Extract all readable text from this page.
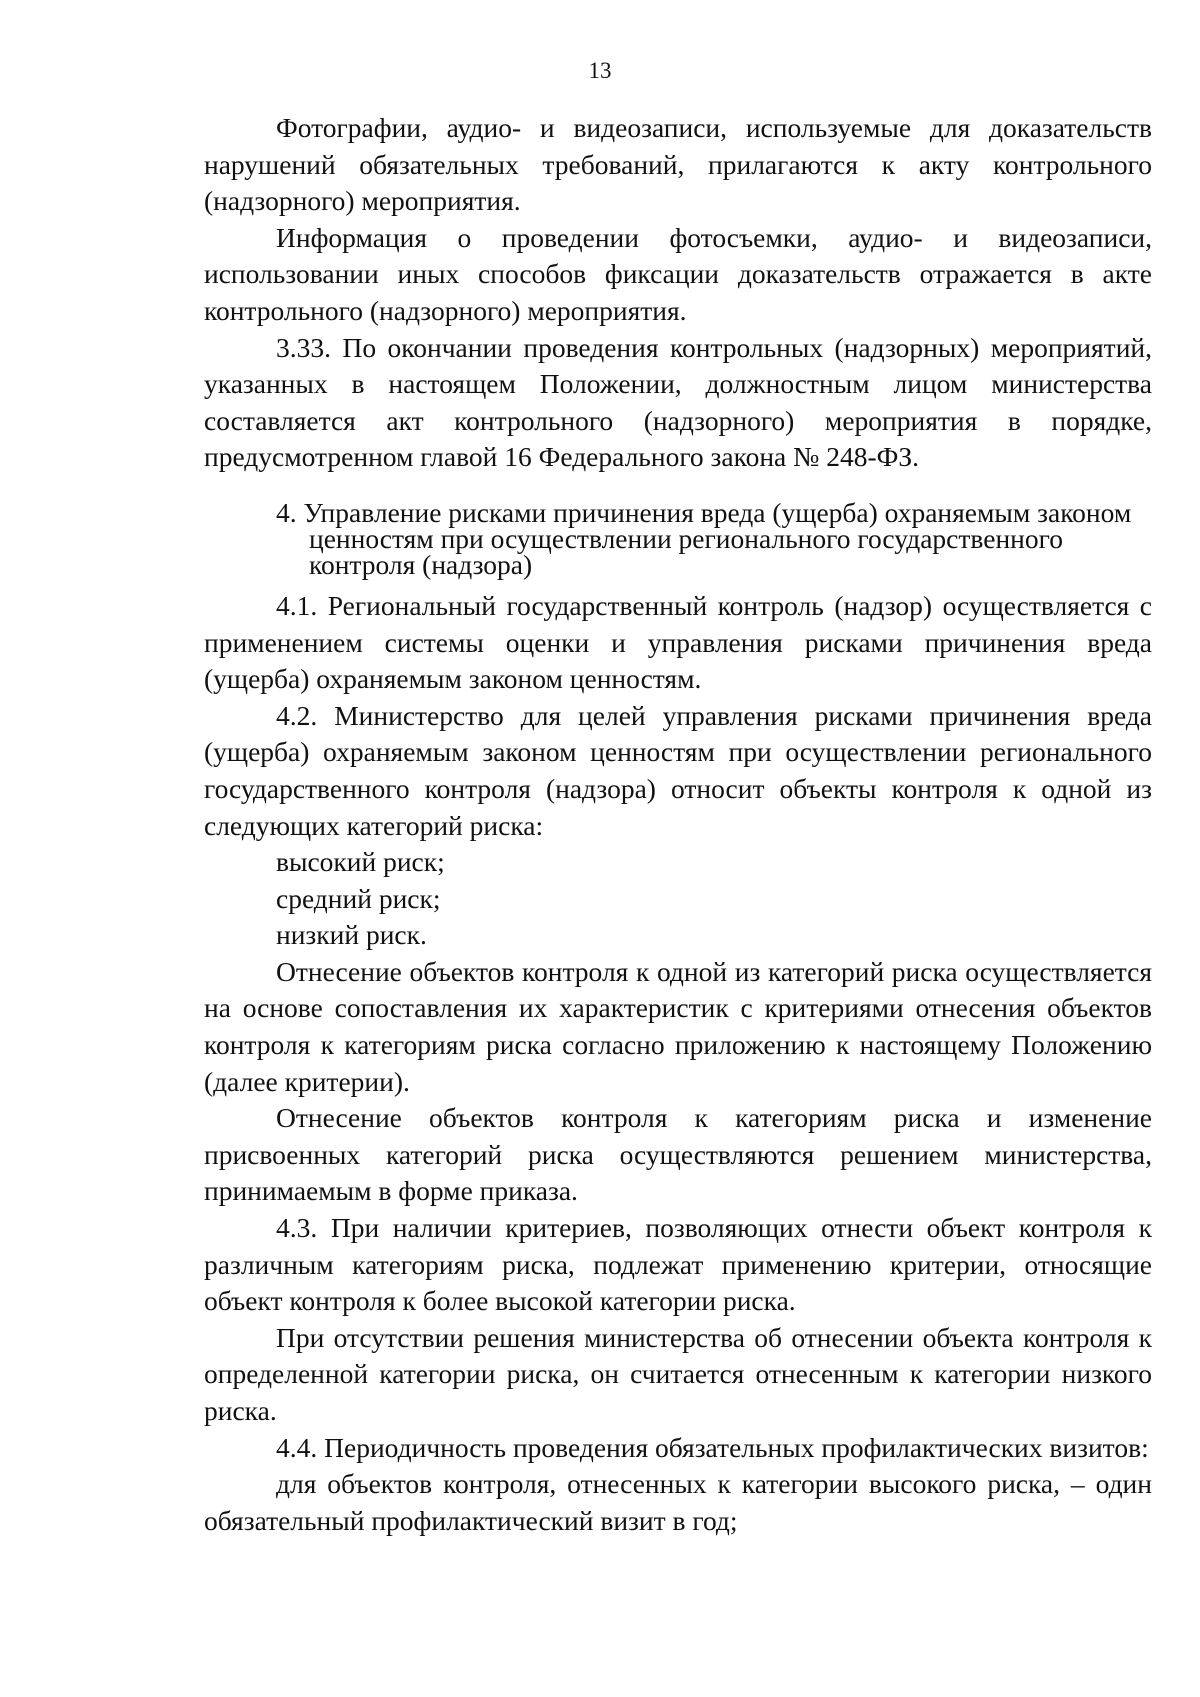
13

Фотографии, аудио- и видеозаписи, используемые для доказательств нарушений обязательных требований, прилагаются к акту контрольного (надзорного) мероприятия.

Информация о проведении фотосъемки, аудио- и видеозаписи, использовании иных способов фиксации доказательств отражается в акте контрольного (надзорного) мероприятия.

3.33. По окончании проведения контрольных (надзорных) мероприятий, указанных в настоящем Положении, должностным лицом министерства составляется акт контрольного (надзорного) мероприятия в порядке, предусмотренном главой 16 Федерального закона № 248-ФЗ.

4. Управление рисками причинения вреда (ущерба) охраняемым законом
ценностям при осуществлении регионального государственного
контроля (надзора)

4.1. Региональный государственный контроль (надзор) осуществляется с применением системы оценки и управления рисками причинения вреда (ущерба) охраняемым законом ценностям.

4.2. Министерство для целей управления рисками причинения вреда (ущерба) охраняемым законом ценностям при осуществлении регионального государственного контроля (надзора) относит объекты контроля к одной из следующих категорий риска:

высокий риск;

средний риск;

низкий риск.

Отнесение объектов контроля к одной из категорий риска осуществляется на основе сопоставления их характеристик с критериями отнесения объектов контроля к категориям риска согласно приложению к настоящему Положению (далее критерии).

Отнесение объектов контроля к категориям риска и изменение присвоенных категорий риска осуществляются решением министерства, принимаемым в форме приказа.

4.3. При наличии критериев, позволяющих отнести объект контроля к различным категориям риска, подлежат применению критерии, относящие объект контроля к более высокой категории риска.

При отсутствии решения министерства об отнесении объекта контроля к определенной категории риска, он считается отнесенным к категории низкого риска.

4.4. Периодичность проведения обязательных профилактических визитов:

для объектов контроля, отнесенных к категории высокого риска, – один обязательный профилактический визит в год;
